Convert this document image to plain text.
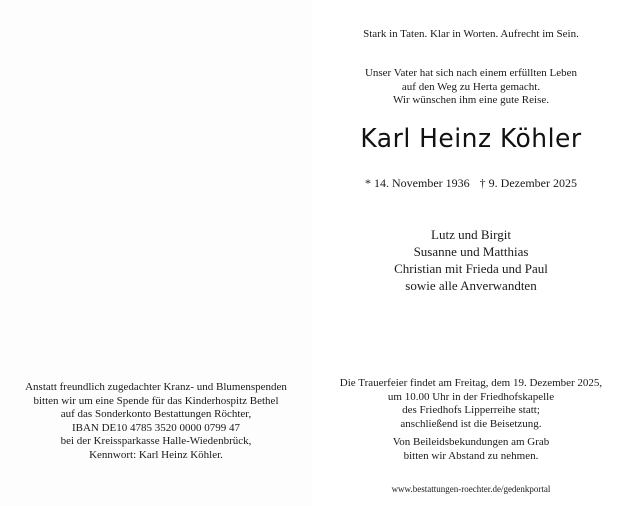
Anstatt freundlich zugedachter Kranz- und Blumenspenden

bitten wir um eine Spende für das Kinderhospitz Bethel

auf das Sonderkonto Bestattungen Röchter,

IBAN DE10 4785 3520 0000 0799 47

bei der Kreissparkasse Halle-Wiedenbrück,

Kennwort: Karl Heinz Köhler.

Stark in Taten. Klar in Worten. Aufrecht im Sein.

Unser Vater hat sich nach einem erfüllten Leben

auf den Weg zu Herta gemacht.

Wir wünschen ihm eine gute Reise.

Karl Heinz Köhler
* 14. November 1936 † 9. Dezember 2025

Lutz und Birgit

Susanne und Matthias

Christian mit Frieda und Paul

sowie alle Anverwandten

Die Trauerfeier findet am Freitag, dem 19. Dezember 2025,

um 10.00 Uhr in der Friedhofskapelle

des Friedhofs Lipperreihe statt;

anschließend ist die Beisetzung.

Von Beileidsbekundungen am Grab

bitten wir Abstand zu nehmen.

www.bestattungen-roechter.de/gedenkportal
